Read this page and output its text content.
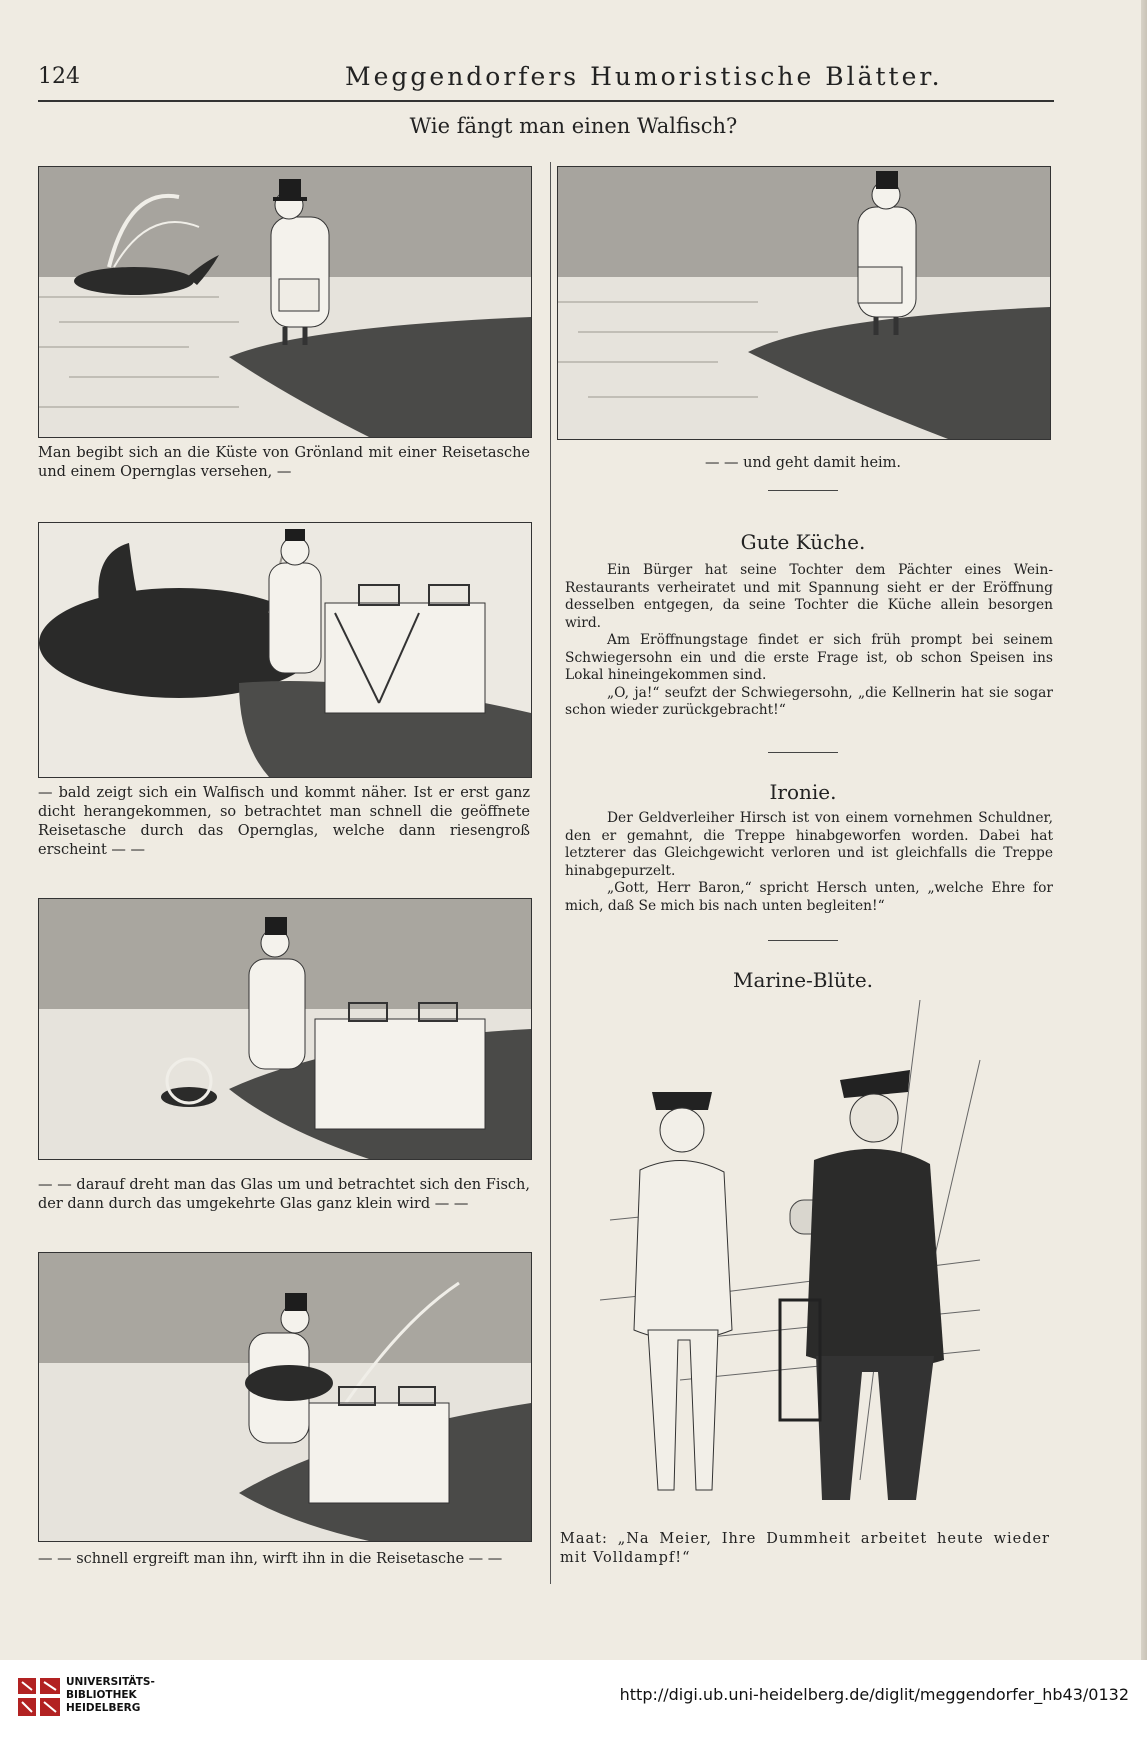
124	Meggendorfers Humoristische Blätter.
Wie fängt man einen Walfisch?
Man begibt sich an die Küste von Grönland mit einer Reisetasche und einem Opernglas versehen, —
— bald zeigt sich ein Walfisch und kommt näher. Ist er erst ganz dicht herangekommen, so betrachtet man schnell die geöffnete Reisetasche durch das Opernglas, welche dann riesengroß erscheint — —
— — darauf dreht man das Glas um und betrachtet sich den Fisch, der dann durch das umgekehrte Glas ganz klein wird — —
— — schnell ergreift man ihn, wirft ihn in die Reisetasche — —
— — und geht damit heim.
Gute Küche.

Ein Bürger hat seine Tochter dem Pächter eines Wein-Restaurants verheiratet und mit Spannung sieht er der Eröffnung desselben entgegen, da seine Tochter die Küche allein besorgen wird.

Am Eröffnungstage findet er sich früh prompt bei seinem Schwiegersohn ein und die erste Frage ist, ob schon Speisen ins Lokal hineingekommen sind.

„O, ja!“ seufzt der Schwiegersohn, „die Kellnerin hat sie sogar schon wieder zurückgebracht!“

Ironie.

Der Geldverleiher Hirsch ist von einem vornehmen Schuldner, den er gemahnt, die Treppe hinabgeworfen worden. Dabei hat letzterer das Gleichgewicht verloren und ist gleichfalls die Treppe hinabgepurzelt.

„Gott, Herr Baron,“ spricht Hersch unten, „welche Ehre for mich, daß Se mich bis nach unten begleiten!“

Marine-Blüte.
Maat: „Na Meier, Ihre Dummheit arbeitet heute wieder mit Volldampf!“
UNIVERSITÄTS-
BIBLIOTHEK
HEIDELBERG
http://digi.ub.uni-heidelberg.de/diglit/meggendorfer_hb43/0132
